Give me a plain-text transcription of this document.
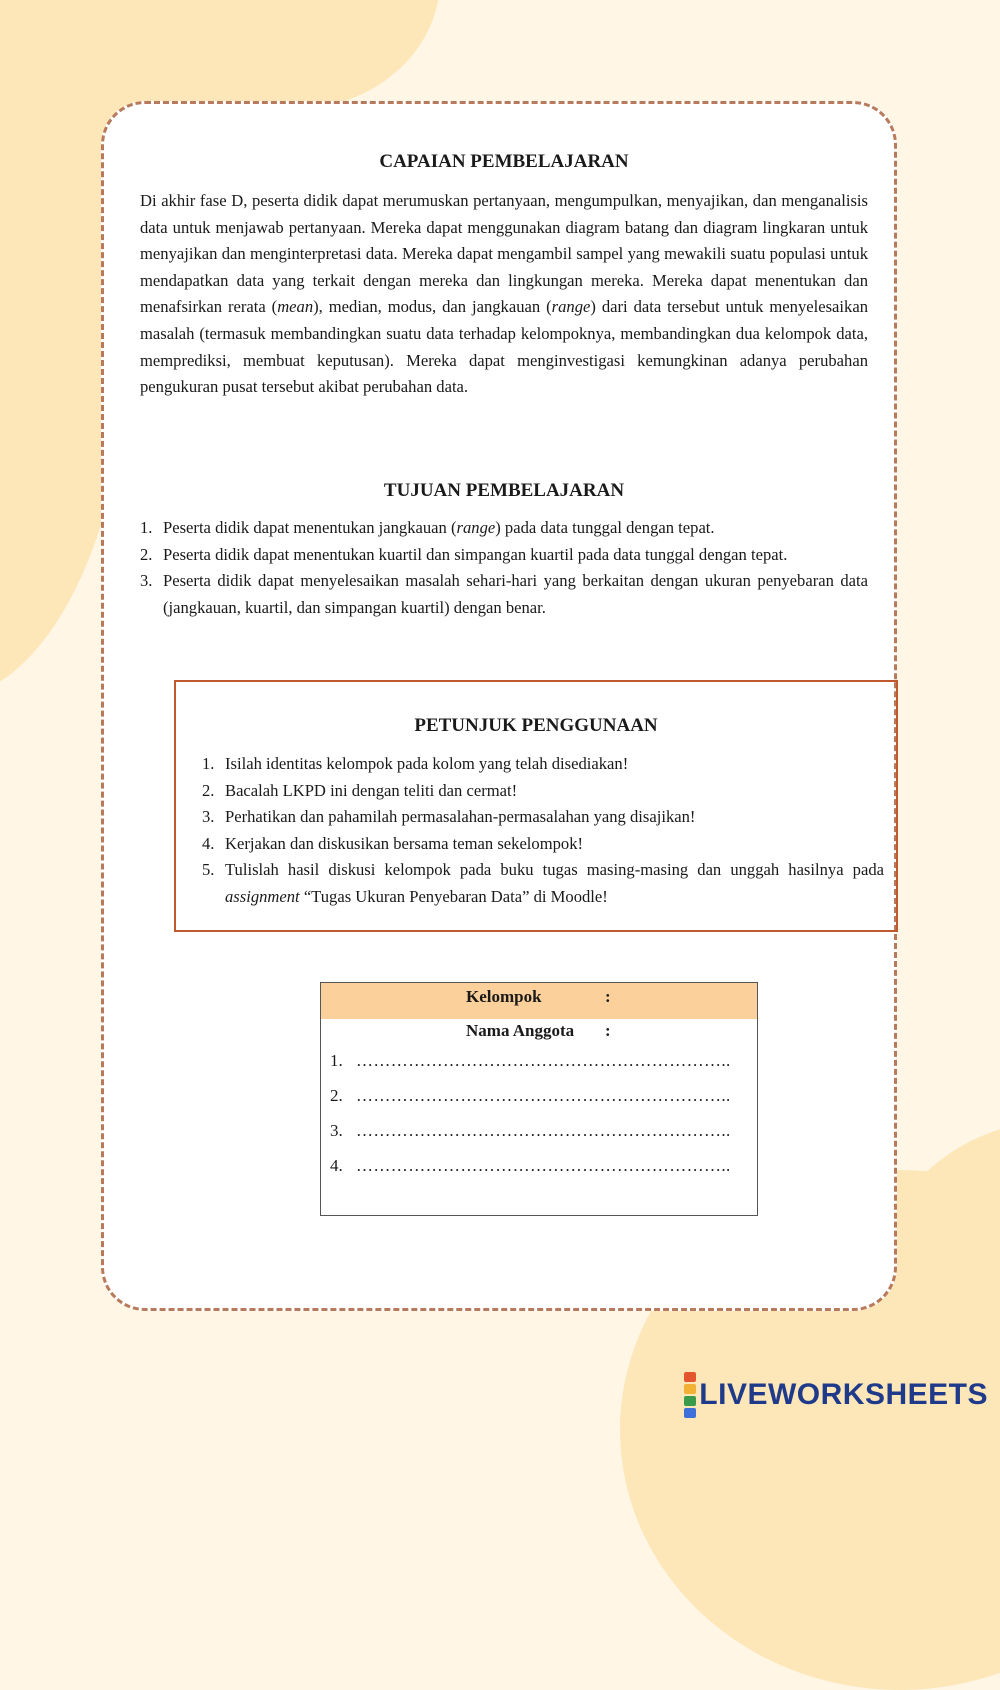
CAPAIAN PEMBELAJARAN

Di akhir fase D, peserta didik dapat merumuskan pertanyaan, mengumpulkan, menyajikan, dan menganalisis data untuk menjawab pertanyaan. Mereka dapat menggunakan diagram batang dan diagram lingkaran untuk menyajikan dan menginterpretasi data. Mereka dapat mengambil sampel yang mewakili suatu populasi untuk mendapatkan data yang terkait dengan mereka dan lingkungan mereka. Mereka dapat menentukan dan menafsirkan rerata (mean), median, modus, dan jangkauan (range) dari data tersebut untuk menyelesaikan masalah (termasuk membandingkan suatu data terhadap kelompoknya, membandingkan dua kelompok data, memprediksi, membuat keputusan). Mereka dapat menginvestigasi kemungkinan adanya perubahan pengukuran pusat tersebut akibat perubahan data.

TUJUAN PEMBELAJARAN
1. Peserta didik dapat menentukan jangkauan (range) pada data tunggal dengan tepat.
2. Peserta didik dapat menentukan kuartil dan simpangan kuartil pada data tunggal dengan tepat.
3. Peserta didik dapat menyelesaikan masalah sehari-hari yang berkaitan dengan ukuran penyebaran data (jangkauan, kuartil, dan simpangan kuartil) dengan benar.
PETUNJUK PENGGUNAAN
1. Isilah identitas kelompok pada kolom yang telah disediakan!
2. Bacalah LKPD ini dengan teliti dan cermat!
3. Perhatikan dan pahamilah permasalahan-permasalahan yang disajikan!
4. Kerjakan dan diskusikan bersama teman sekelompok!
5. Tulislah hasil diskusi kelompok pada buku tugas masing-masing dan unggah hasilnya pada assignment “Tugas Ukuran Penyebaran Data” di Moodle!
Kelompok	:
Nama Anggota :
1. ………………………………………………………..
2. ………………………………………………………..
3. ………………………………………………………..
4. ………………………………………………………..
LIVEWORKSHEETS
